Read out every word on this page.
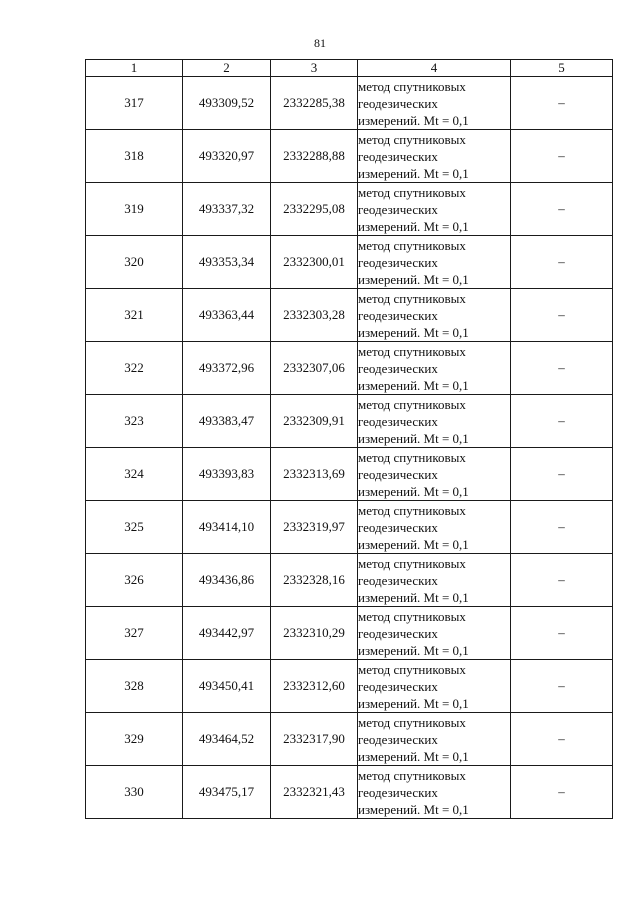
81
1	2	3	4	5
317	493309,52	2332285,38	метод спутниковых
геодезических
измерений. Mt = 0,1	–
318	493320,97	2332288,88	метод спутниковых
геодезических
измерений. Mt = 0,1	–
319	493337,32	2332295,08	метод спутниковых
геодезических
измерений. Mt = 0,1	–
320	493353,34	2332300,01	метод спутниковых
геодезических
измерений. Mt = 0,1	–
321	493363,44	2332303,28	метод спутниковых
геодезических
измерений. Mt = 0,1	–
322	493372,96	2332307,06	метод спутниковых
геодезических
измерений. Mt = 0,1	–
323	493383,47	2332309,91	метод спутниковых
геодезических
измерений. Mt = 0,1	–
324	493393,83	2332313,69	метод спутниковых
геодезических
измерений. Mt = 0,1	–
325	493414,10	2332319,97	метод спутниковых
геодезических
измерений. Mt = 0,1	–
326	493436,86	2332328,16	метод спутниковых
геодезических
измерений. Mt = 0,1	–
327	493442,97	2332310,29	метод спутниковых
геодезических
измерений. Mt = 0,1	–
328	493450,41	2332312,60	метод спутниковых
геодезических
измерений. Mt = 0,1	–
329	493464,52	2332317,90	метод спутниковых
геодезических
измерений. Mt = 0,1	–
330	493475,17	2332321,43	метод спутниковых
геодезических
измерений. Mt = 0,1	–
